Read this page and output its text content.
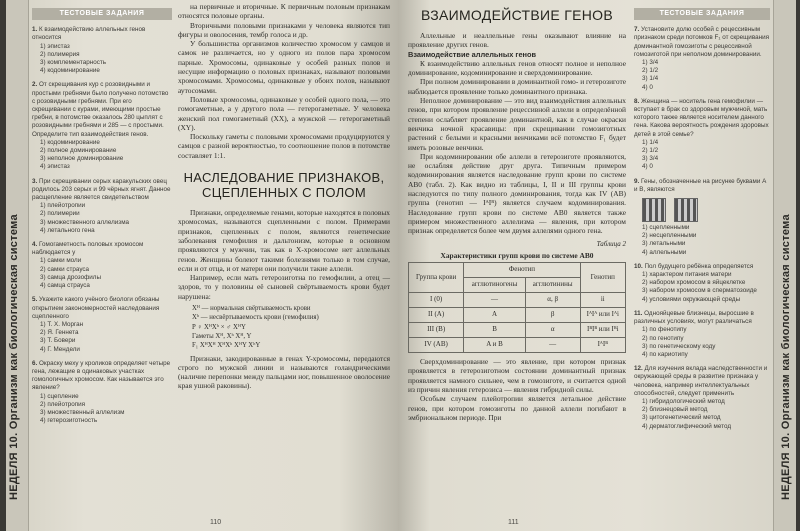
НЕДЕЛЯ 10. Организм как биологическая система
ТЕСТОВЫЕ ЗАДАНИЯ
1. К взаимодействию аллельных генов относится
1) эпистаз
2) полимерия
3) комплементарность
4) кодоминирование
2. От скрещивания кур с розовидными и простыми гребнями было получено потомство с розовидными гребнями. При его скрещивании с курами, имеющими простые гребни, в потомстве оказалось 280 цыплят с розовидными гребнями и 285 — с простыми. Определите тип взаимодействия генов.
1) кодоминирование
2) полное доминирование
3) неполное доминирование
4) эпистаз
3. При скрещивании серых каракульских овец родилось 203 серых и 99 чёрных ягнят. Данное расщепление является свидетельством
1) плейотропии
2) полимерии
3) множественного аллелизма
4) летального гена
4. Гомогаметность половых хромосом наблюдается у
1) самки моли
2) самки страуса
3) самца дрозофилы
4) самца страуса
5. Укажите какого учёного биологи обязаны открытием закономерностей наследования сцепленного
1) Т. Х. Морган
2) Я. Геннета
3) Т. Бовери
4) Г. Мендели
6. Окраску меху у кроликов определяет четыре гена, лежащие в одинаковых участках гомологичных хромосом. Как называется это явление?
1) сцепление
2) плейотропия
3) множественный аллелизм
4) гетерозиготность

на первичные и вторичные. К первичным половым признакам относятся половые органы.

Вторичными половыми признаками у человека являются тип фигуры и оволосения, тембр голоса и др.

У большинства организмов количество хромосом у самцов и самок не различается, но у одного из полов пара хромосом парные. Хромосомы, одинаковые у особей разных полов и несущие информацию о половых признаках, называют половыми хромосомами. Хромосомы, одинаковые у обоих полов, называют аутосомами.

Половые хромосомы, одинаковые у особей одного пола, — это гомогаметные, а у другого пола — гетерогаметные. У человека женский пол гомогаметный (XX), а мужской — гетерогаметный (XY).

Поскольку гаметы с половыми хромосомами продуцируются у самцов с разной вероятностью, то соотношение полов в потомстве составляет 1:1.

НАСЛЕДОВАНИЕ ПРИЗНАКОВ, СЦЕПЛЕННЫХ С ПОЛОМ

Признаки, определяемые генами, которые находятся в половых хромосомах, называются сцепленными с полом. Примерами признаков, сцепленных с полом, являются генетические заболевания гемофилия и дальтонизм, которые в основном проявляются у мужчин, так как в Х-хромосоме нет аллельных генов. Женщины болеют такими болезнями только в том случае, если и от отца, и от матери они получили такие аллели.

Например, если мать гетерозиготна по гемофилии, а отец — здоров, то у половины её сыновей свёртываемость крови будет нарушена:

Xᴴ — нормальная свёртываемость крови
Xʰ — несвёртываемость крови (гемофилия)
P ♀ XᴴXʰ × ♂ XᴴY
Гаметы Xᴴ, Xʰ Xᴴ, Y
F₁ XᴴXᴴ XᴴXʰ XᴴY XʰY

Признаки, закодированные в генах Y-хромосомы, передаются строго по мужской линии и называются голандрическими (наличие перепонки между пальцами ног, повышенное оволосение края ушной раковины).

110
ВЗАИМОДЕЙСТВИЕ ГЕНОВ

Аллельные и неаллельные гены оказывают влияние на проявление других генов.

Взаимодействие аллельных генов

К взаимодействию аллельных генов относят полное и неполное доминирование, кодоминирование и сверхдоминирование.

При полном доминировании в доминантной гомо- и гетерозиготе наблюдается проявление только доминантного признака.

Неполное доминирование — это вид взаимодействия аллельных генов, при котором проявление рецессивной аллели в определённой степени ослабляет проявление доминантной, как в случае окраски венчика ночной красавицы: при скрещивании гомозиготных растений с белыми и красными венчиками всё потомство F₁ будет иметь розовые венчики.

При кодоминировании обе аллели в гетерозиготе проявляются, не ослабляя действие друг друга. Типичным примером кодоминирования является наследование групп крови по системе АВ0 (табл. 2). Как видно из таблицы, I, II и III группы крови наследуются по типу полного доминирования, тогда как IV (АВ) группа (генотип — IᴬIᴮ) является случаем кодоминирования. Наследование групп крови по системе АВ0 является также примером множественного аллелизма — явления, при котором признак определяется более чем двумя аллелями одного гена.

Таблица 2
Характеристики групп крови по системе АВ0
Группа крови	Фенотип		Генотип
	агглютиногены	агглютинины	
I (0)	—	α, β	ii
II (A)	A	β	IᴬIᴬ или Iᴬi
III (B)	B	α	IᴮIᴮ или Iᴮi
IV (AB)	A и B	—	IᴬIᴮ

Сверхдоминирование — это явление, при котором признак проявляется в гетерозиготном состоянии доминантный признак проявляется намного сильнее, чем в гомозиготе, и считается одной из причин явления гетерозиса — явления гибридной силы.

Особым случаем плейотропии является летальное действие генов, при котором гомозиготы по данной аллели погибают в эмбриональном периоде. При

ТЕСТОВЫЕ ЗАДАНИЯ
7. Установите долю особей с рецессивным признаком среди потомков F₁ от скрещивания доминантной гомозиготы с рецессивной гомозиготой при неполном доминировании.
1) 3/4
2) 1/2
3) 1/4
4) 0
8. Женщина — носитель гена гемофилии — вступает в брак со здоровым мужчиной, мать которого также является носителем данного гена. Какова вероятность рождения здоровых детей в этой семье?
1) 1/4
2) 1/2
3) 3/4
4) 0
9. Гены, обозначенные на рисунке буквами А и В, являются
1) сцепленными
2) несцепленными
3) летальными
4) аллельными
10. Пол будущего ребёнка определяется
1) характером питания матери
2) набором хромосом в яйцеклетке
3) набором хромосом в сперматозоиде
4) условиями окружающей среды
11. Однояйцевые близнецы, выросшие в различных условиях, могут различаться
1) по фенотипу
2) по генотипу
3) по генетическому коду
4) по кариотипу
12. Для изучения вклада наследственности и окружающей среды в развитие признака у человека, например интеллектуальных способностей, следует применить
1) гибридологический метод
2) близнецовый метод
3) цитогенетический метод
4) дерматоглифический метод	НЕДЕЛЯ 10. Организм как биологическая система
111
